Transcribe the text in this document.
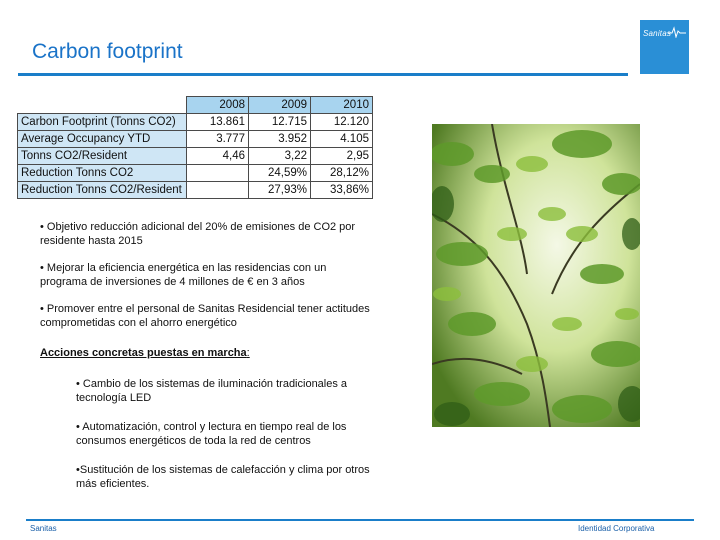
Carbon footprint
Sanitas
	2008	2009	2010
Carbon Footprint (Tonns CO2)	13.861	12.715	12.120
Average Occupancy YTD	3.777	3.952	4.105
Tonns CO2/Resident	4,46	3,22	2,95
Reduction Tonns CO2		24,59%	28,12%
Reduction Tonns CO2/Resident		27,93%	33,86%

• Objetivo reducción adicional del 20% de emisiones de CO2 por residente hasta 2015

• Mejorar la eficiencia energética en las residencias con un programa de inversiones de 4 millones de € en 3 años

• Promover entre el personal de Sanitas Residencial tener actitudes comprometidas con el ahorro energético

Acciones concretas puestas en marcha:

• Cambio de los sistemas de iluminación tradicionales a tecnología LED

• Automatización, control y lectura en tiempo real de los consumos energéticos de toda la red de centros

•Sustitución de los sistemas de calefacción y clima por otros más eficientes.

Sanitas	Identidad Corporativa
